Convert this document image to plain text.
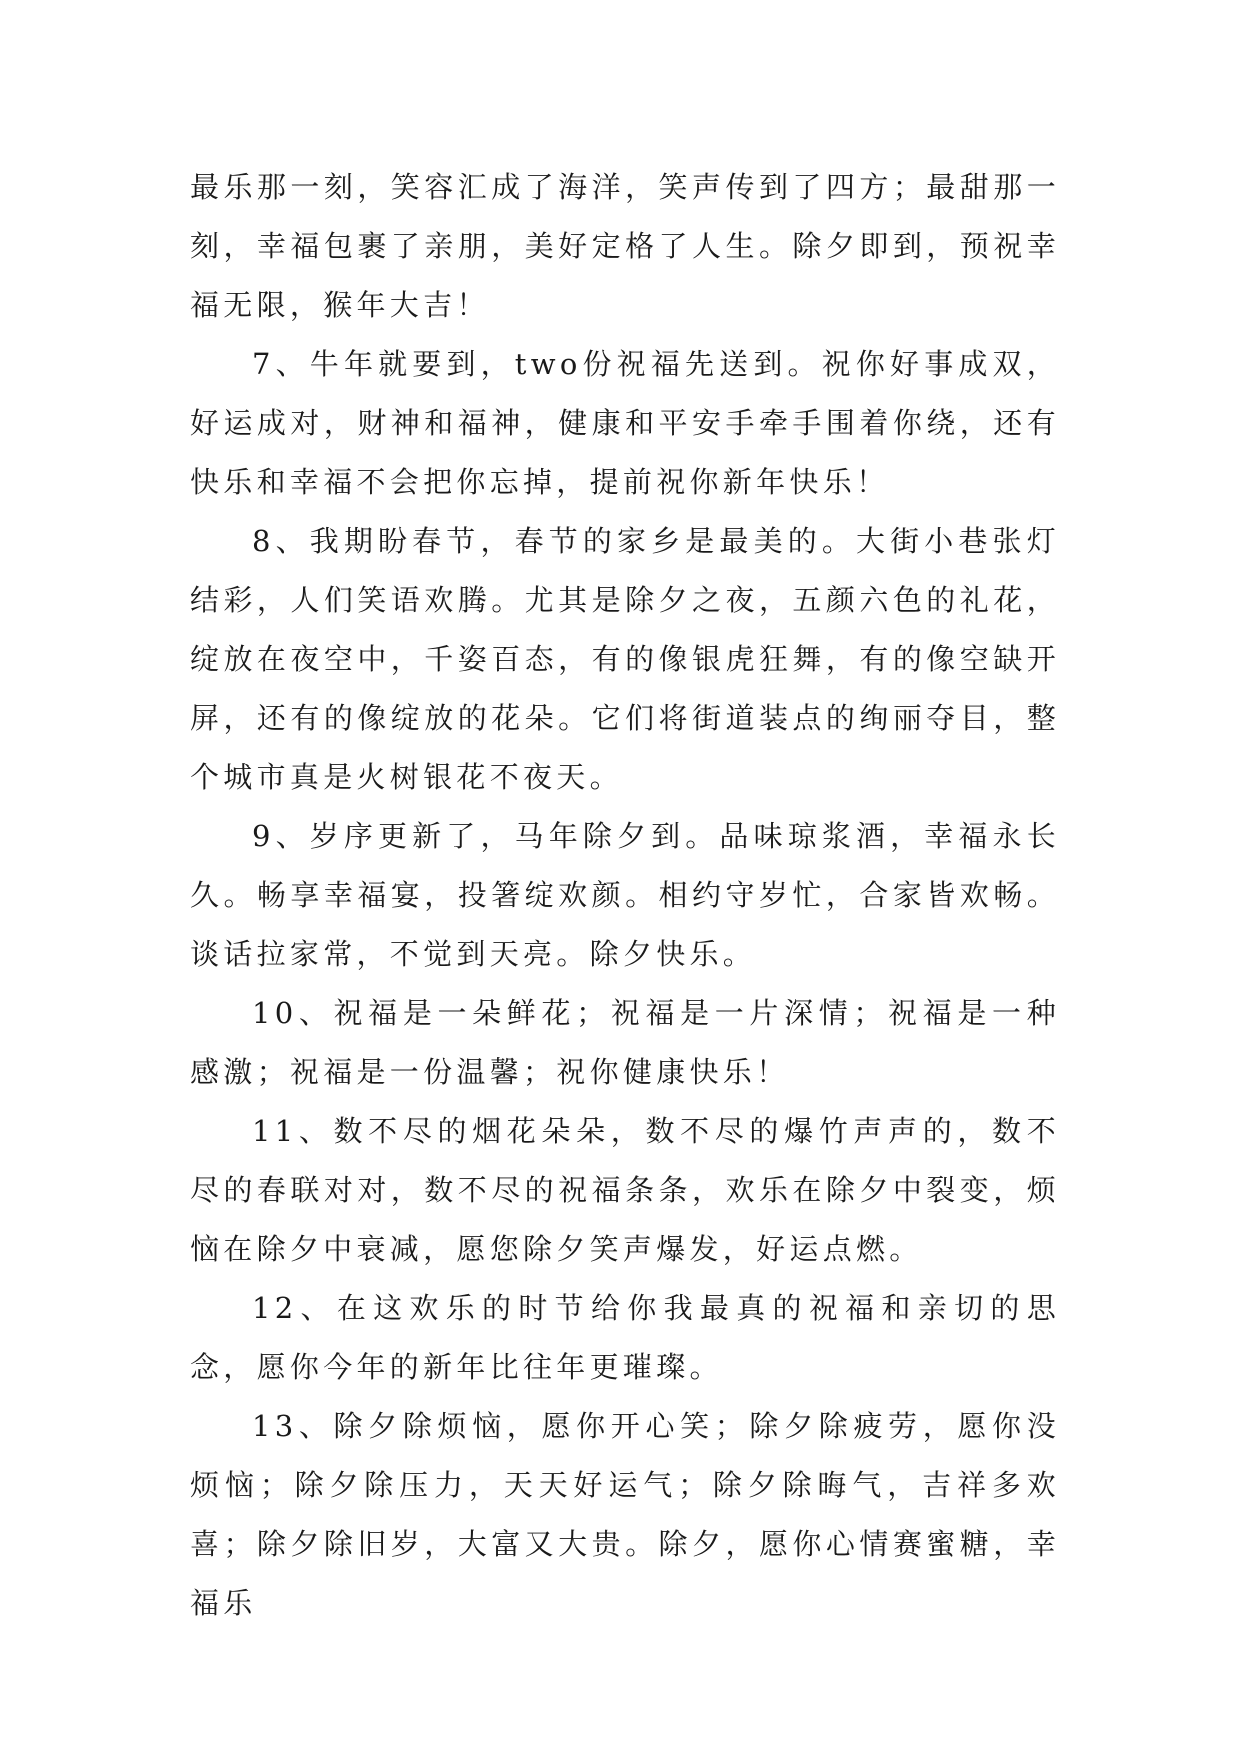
最乐那一刻，笑容汇成了海洋，笑声传到了四方；最甜那一刻，幸福包裹了亲朋，美好定格了人生。除夕即到，预祝幸福无限，猴年大吉！

7、牛年就要到，two份祝福先送到。祝你好事成双，好运成对，财神和福神，健康和平安手牵手围着你绕，还有快乐和幸福不会把你忘掉，提前祝你新年快乐！

8、我期盼春节，春节的家乡是最美的。大街小巷张灯结彩，人们笑语欢腾。尤其是除夕之夜，五颜六色的礼花，绽放在夜空中，千姿百态，有的像银虎狂舞，有的像空缺开屏，还有的像绽放的花朵。它们将街道装点的绚丽夺目，整个城市真是火树银花不夜天。

9、岁序更新了，马年除夕到。品味琼浆酒，幸福永长久。畅享幸福宴，投箸绽欢颜。相约守岁忙，合家皆欢畅。谈话拉家常，不觉到天亮。除夕快乐。

10、祝福是一朵鲜花；祝福是一片深情；祝福是一种感激；祝福是一份温馨；祝你健康快乐！

11、数不尽的烟花朵朵，数不尽的爆竹声声的，数不尽的春联对对，数不尽的祝福条条，欢乐在除夕中裂变，烦恼在除夕中衰减，愿您除夕笑声爆发，好运点燃。

12、在这欢乐的时节给你我最真的祝福和亲切的思念，愿你今年的新年比往年更璀璨。

13、除夕除烦恼，愿你开心笑；除夕除疲劳，愿你没烦恼；除夕除压力，天天好运气；除夕除晦气，吉祥多欢喜；除夕除旧岁，大富又大贵。除夕，愿你心情赛蜜糖，幸福乐
